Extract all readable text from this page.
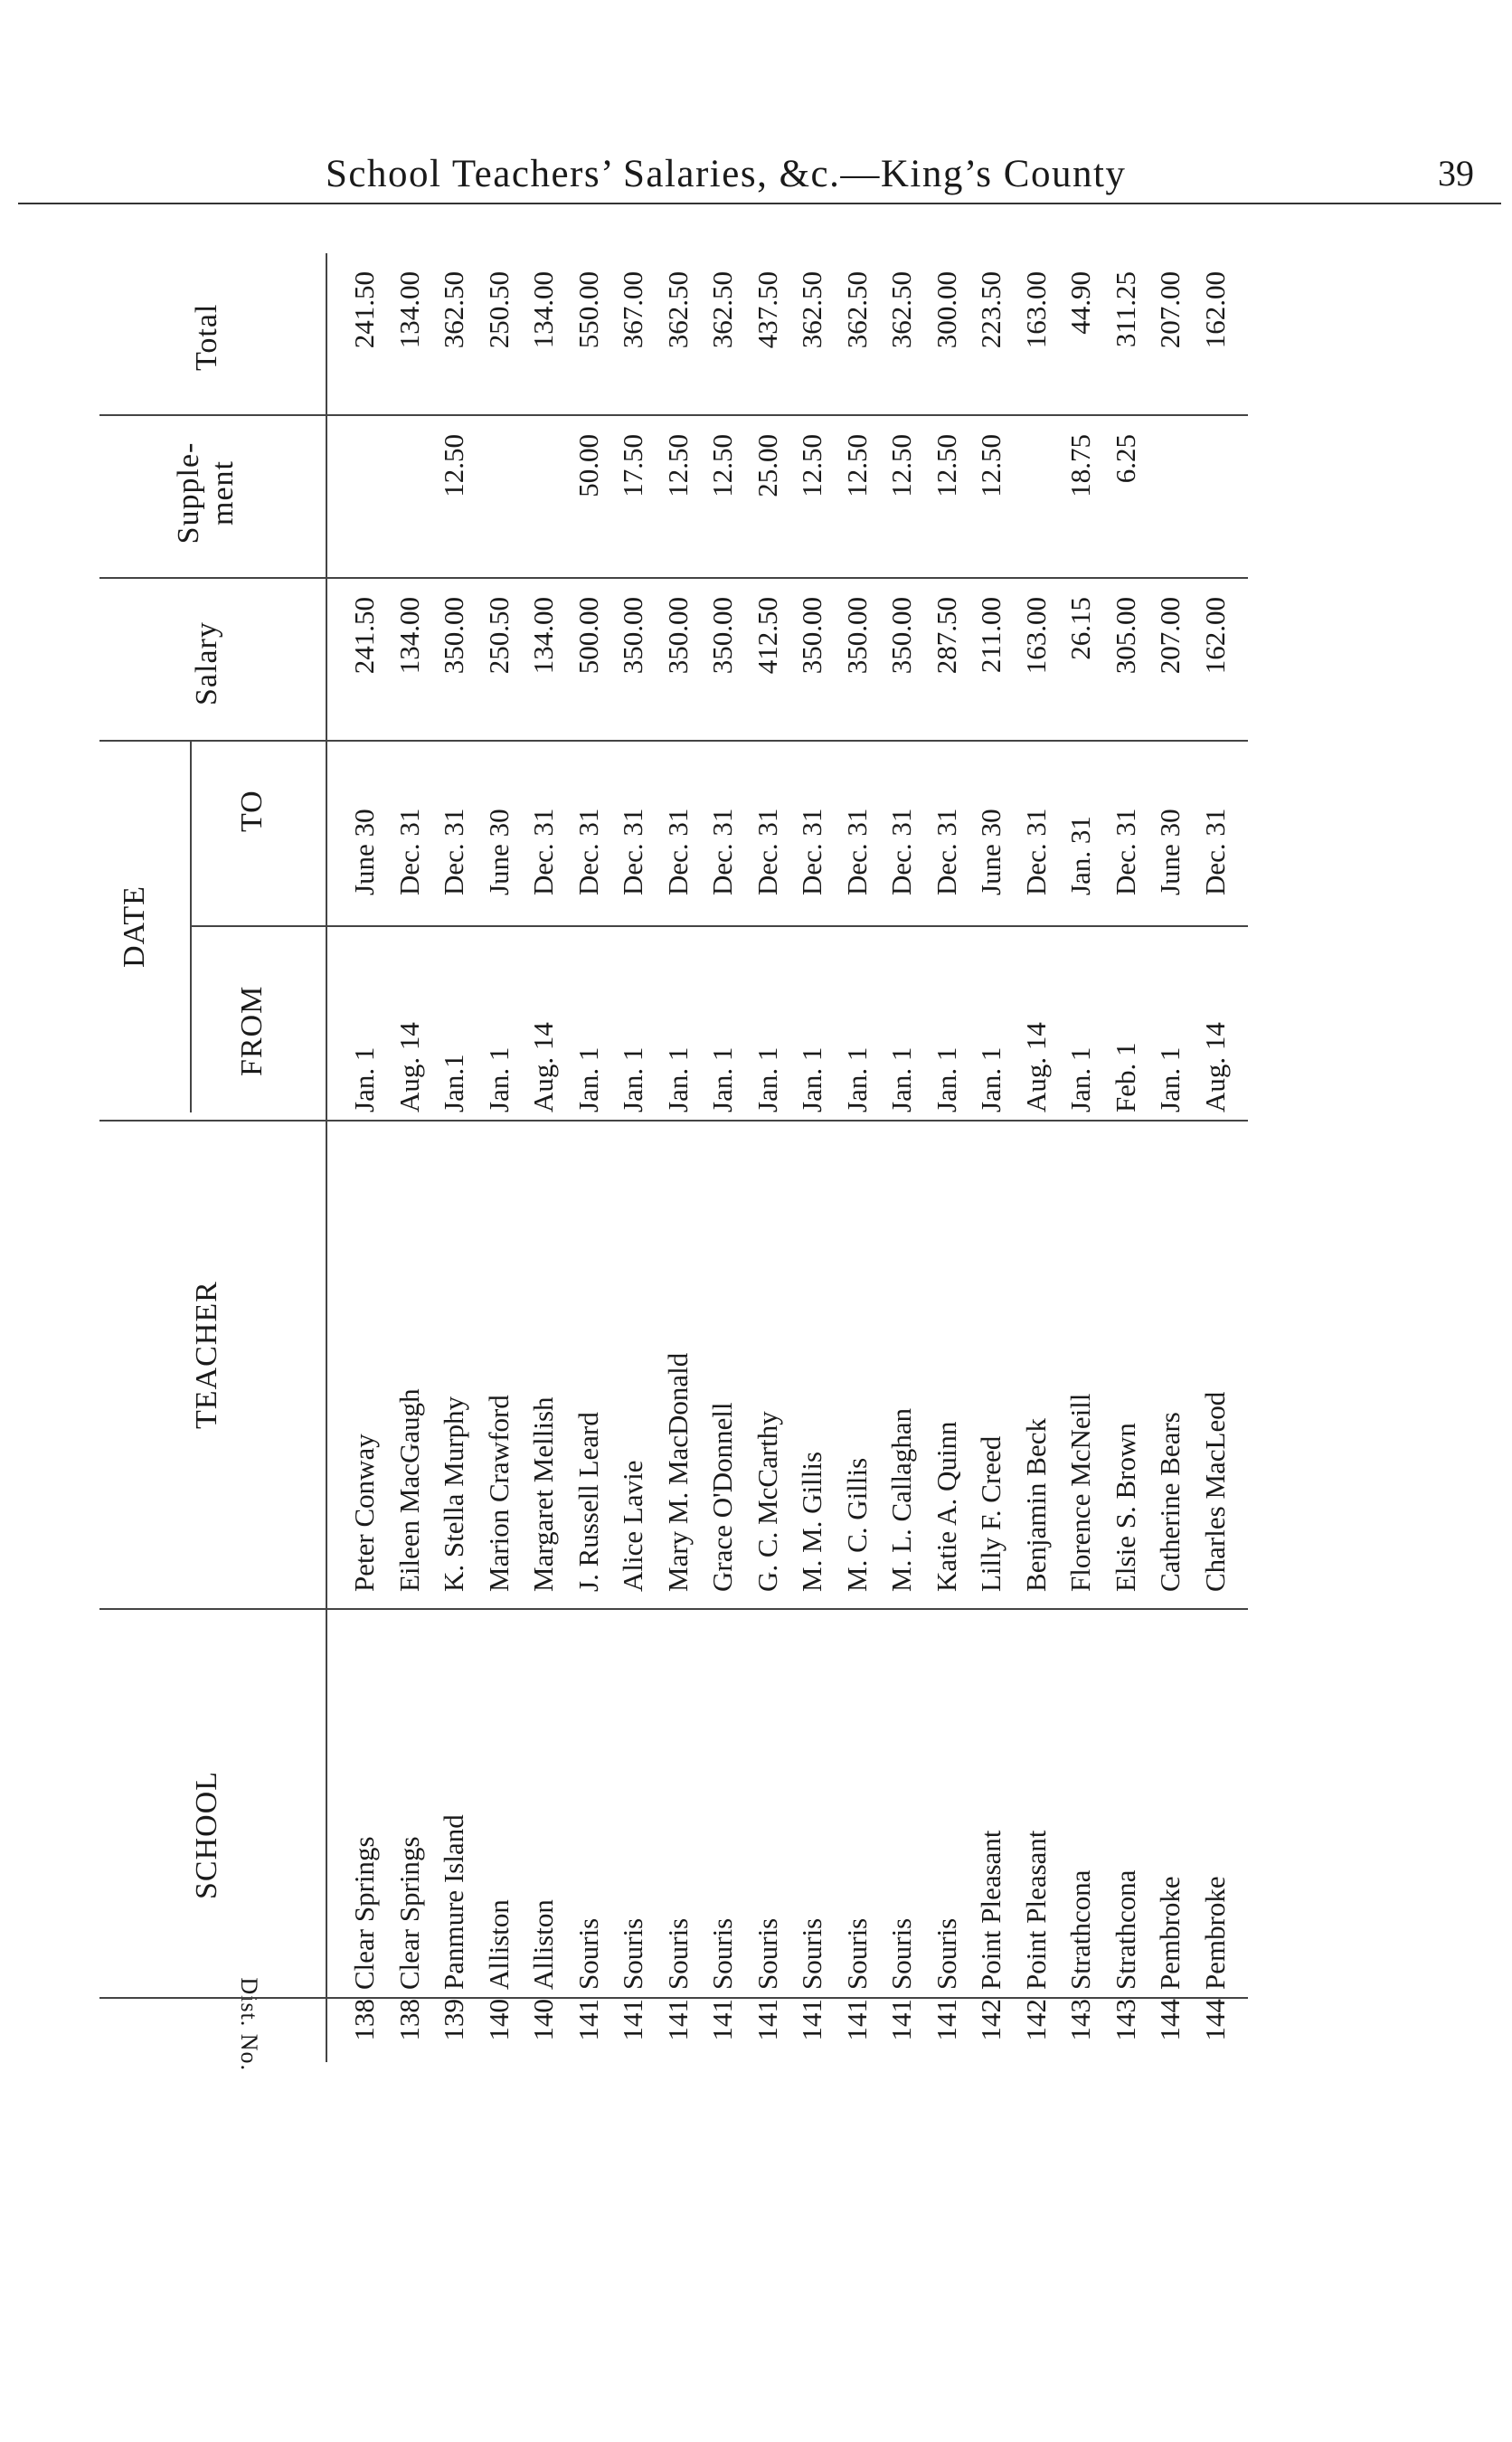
School Teachers’ Salaries, &c.—King’s County	39
Dist. No.
SCHOOL
TEACHER
DATE
FROM
TO
Salary
Supple-ment
Total
138
Clear Springs
Peter Conway
Jan. 1
June 30
241.50
241.50
138
Clear Springs
Eileen MacGaugh
Aug. 14
Dec. 31
134.00
134.00
139
Panmure Island
K. Stella Murphy
Jan.1
Dec. 31
350.00
12.50
362.50
140
Alliston
Marion Crawford
Jan. 1
June 30
250.50
250.50
140
Alliston
Margaret Mellish
Aug. 14
Dec. 31
134.00
134.00
141
Souris
J. Russell Leard
Jan. 1
Dec. 31
500.00
50.00
550.00
141
Souris
Alice Lavie
Jan. 1
Dec. 31
350.00
17.50
367.00
141
Souris
Mary M. MacDonald
Jan. 1
Dec. 31
350.00
12.50
362.50
141
Souris
Grace O'Donnell
Jan. 1
Dec. 31
350.00
12.50
362.50
141
Souris
G. C. McCarthy
Jan. 1
Dec. 31
412.50
25.00
437.50
141
Souris
M. M. Gillis
Jan. 1
Dec. 31
350.00
12.50
362.50
141
Souris
M. C. Gillis
Jan. 1
Dec. 31
350.00
12.50
362.50
141
Souris
M. L. Callaghan
Jan. 1
Dec. 31
350.00
12.50
362.50
141
Souris
Katie A. Quinn
Jan. 1
Dec. 31
287.50
12.50
300.00
142
Point Pleasant
Lilly F. Creed
Jan. 1
June 30
211.00
12.50
223.50
142
Point Pleasant
Benjamin Beck
Aug. 14
Dec. 31
163.00
163.00
143
Strathcona
Florence McNeill
Jan. 1
Jan. 31
26.15
18.75
44.90
143
Strathcona
Elsie S. Brown
Feb. 1
Dec. 31
305.00
6.25
311.25
144
Pembroke
Catherine Bears
Jan. 1
June 30
207.00
207.00
144
Pembroke
Charles MacLeod
Aug. 14
Dec. 31
162.00
162.00
